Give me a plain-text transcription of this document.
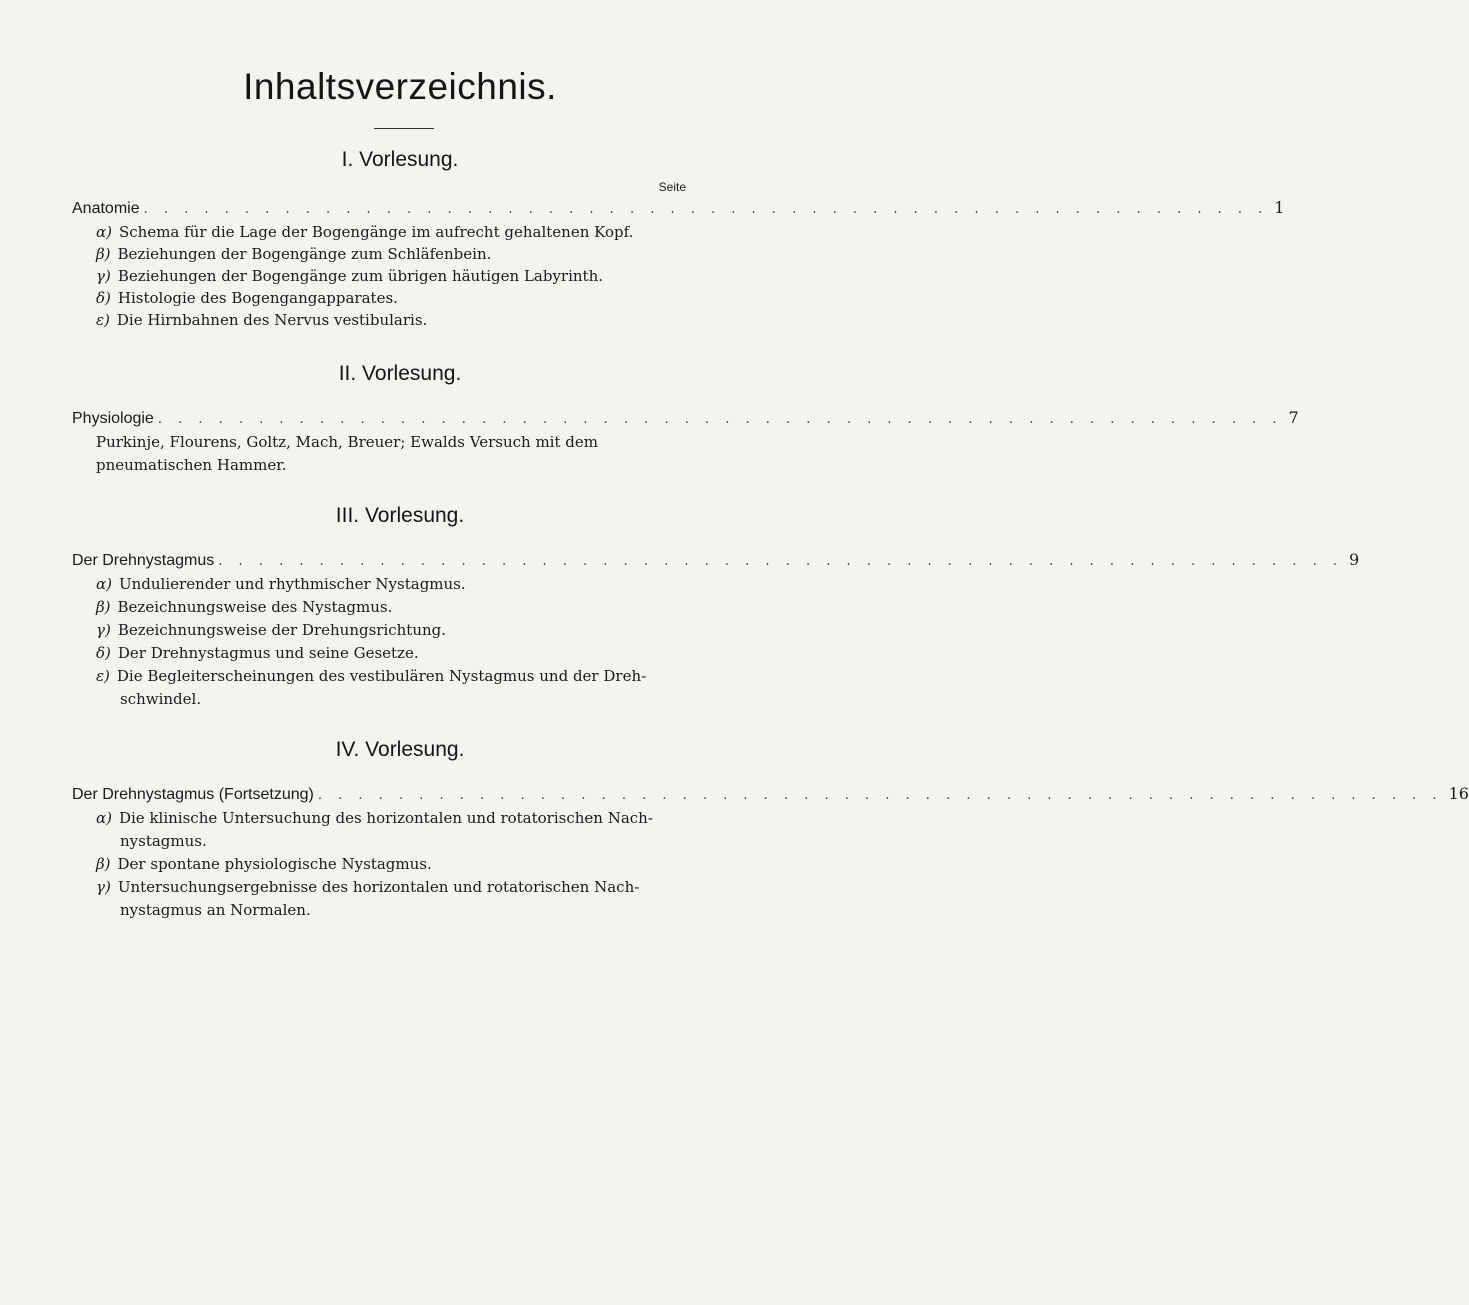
Inhaltsverzeichnis.
I. Vorlesung.
Seite
Anatomie . . . . . . . . . . . . . . . . . . . . . . . . . . . . . . . . . . . . . . . . . . . . . . . . . . . . . . . . 1
α) Schema für die Lage der Bogengänge im aufrecht gehaltenen Kopf.
β) Beziehungen der Bogengänge zum Schläfenbein.
γ) Beziehungen der Bogengänge zum übrigen häutigen Labyrinth.
δ) Histologie des Bogengangapparates.
ε) Die Hirnbahnen des Nervus vestibularis.
II. Vorlesung.
Physiologie . . . . . . . . . . . . . . . . . . . . . . . . . . . . . . . . . . . . . . . . . . . . . . . . . . . . . . . . 7
Purkinje, Flourens, Goltz, Mach, Breuer; Ewalds Versuch mit dem
pneumatischen Hammer.
III. Vorlesung.
Der Drehnystagmus . . . . . . . . . . . . . . . . . . . . . . . . . . . . . . . . . . . . . . . . . . . . . . . . . . . . . . . . 9
α) Undulierender und rhythmischer Nystagmus.
β) Bezeichnungsweise des Nystagmus.
γ) Bezeichnungsweise der Drehungsrichtung.
δ) Der Drehnystagmus und seine Gesetze.
ε) Die Begleiterscheinungen des vestibulären Nystagmus und der Dreh-
schwindel.
IV. Vorlesung.
Der Drehnystagmus (Fortsetzung) . . . . . . . . . . . . . . . . . . . . . . . . . . . . . . . . . . . . . . . . . . . . . . . . . . . . . . . . 16
α) Die klinische Untersuchung des horizontalen und rotatorischen Nach-
nystagmus.
β) Der spontane physiologische Nystagmus.
γ) Untersuchungsergebnisse des horizontalen und rotatorischen Nach-
nystagmus an Normalen.
